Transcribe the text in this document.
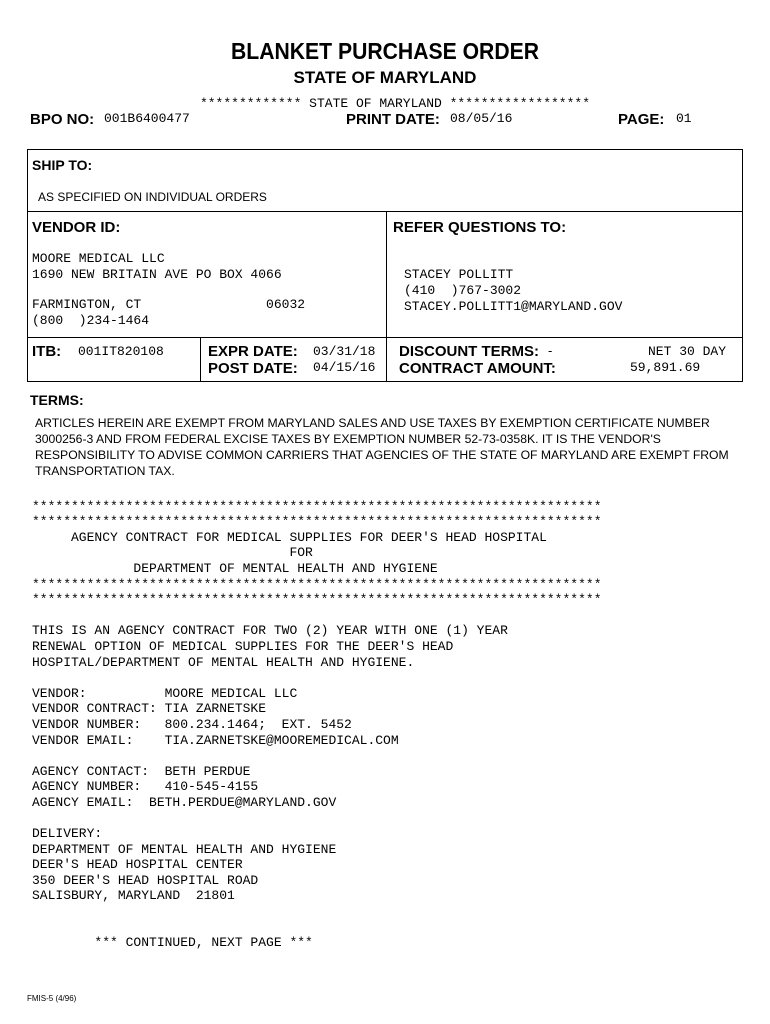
BLANKET PURCHASE ORDER
STATE OF MARYLAND
************* STATE OF MARYLAND ******************
BPO NO: 001B6400477	PRINT DATE: 08/05/16	PAGE: 01
SHIP TO:
AS SPECIFIED ON INDIVIDUAL ORDERS
VENDOR ID:

MOORE MEDICAL LLC
1690 NEW BRITAIN AVE PO BOX 4066
FARMINGTON, CT                06032
(800  )234-1464

REFER QUESTIONS TO:

STACEY POLLITT
(410  )767-3002
STACEY.POLLITT1@MARYLAND.GOV

ITB: 001IT820108	EXPR DATE: 03/31/18
POST DATE: 04/15/16
DISCOUNT TERMS: -	NET 30 DAY
CONTRACT AMOUNT:	59,891.69
TERMS:
ARTICLES HEREIN ARE EXEMPT FROM MARYLAND SALES AND USE TAXES BY EXEMPTION CERTIFICATE NUMBER 3000256-3 AND FROM FEDERAL EXCISE TAXES BY EXEMPTION NUMBER 52-73-0358K. IT IS THE VENDOR'S RESPONSIBILITY TO ADVISE COMMON CARRIERS THAT AGENCIES OF THE STATE OF MARYLAND ARE EXEMPT FROM TRANSPORTATION TAX.

*************************************************************************
*************************************************************************
AGENCY CONTRACT FOR MEDICAL SUPPLIES FOR DEER'S HEAD HOSPITAL
FOR
DEPARTMENT OF MENTAL HEALTH AND HYGIENE
*************************************************************************
*************************************************************************
THIS IS AN AGENCY CONTRACT FOR TWO (2) YEAR WITH ONE (1) YEAR
RENEWAL OPTION OF MEDICAL SUPPLIES FOR THE DEER'S HEAD
HOSPITAL/DEPARTMENT OF MENTAL HEALTH AND HYGIENE.
VENDOR:          MOORE MEDICAL LLC
VENDOR CONTRACT: TIA ZARNETSKE
VENDOR NUMBER:   800.234.1464;  EXT. 5452
VENDOR EMAIL:    TIA.ZARNETSKE@MOOREMEDICAL.COM
AGENCY CONTACT:  BETH PERDUE
AGENCY NUMBER:   410-545-4155
AGENCY EMAIL:  BETH.PERDUE@MARYLAND.GOV
DELIVERY:
DEPARTMENT OF MENTAL HEALTH AND HYGIENE
DEER'S HEAD HOSPITAL CENTER
350 DEER'S HEAD HOSPITAL ROAD
SALISBURY, MARYLAND  21801
*** CONTINUED, NEXT PAGE ***

FMIS-5 (4/96)
